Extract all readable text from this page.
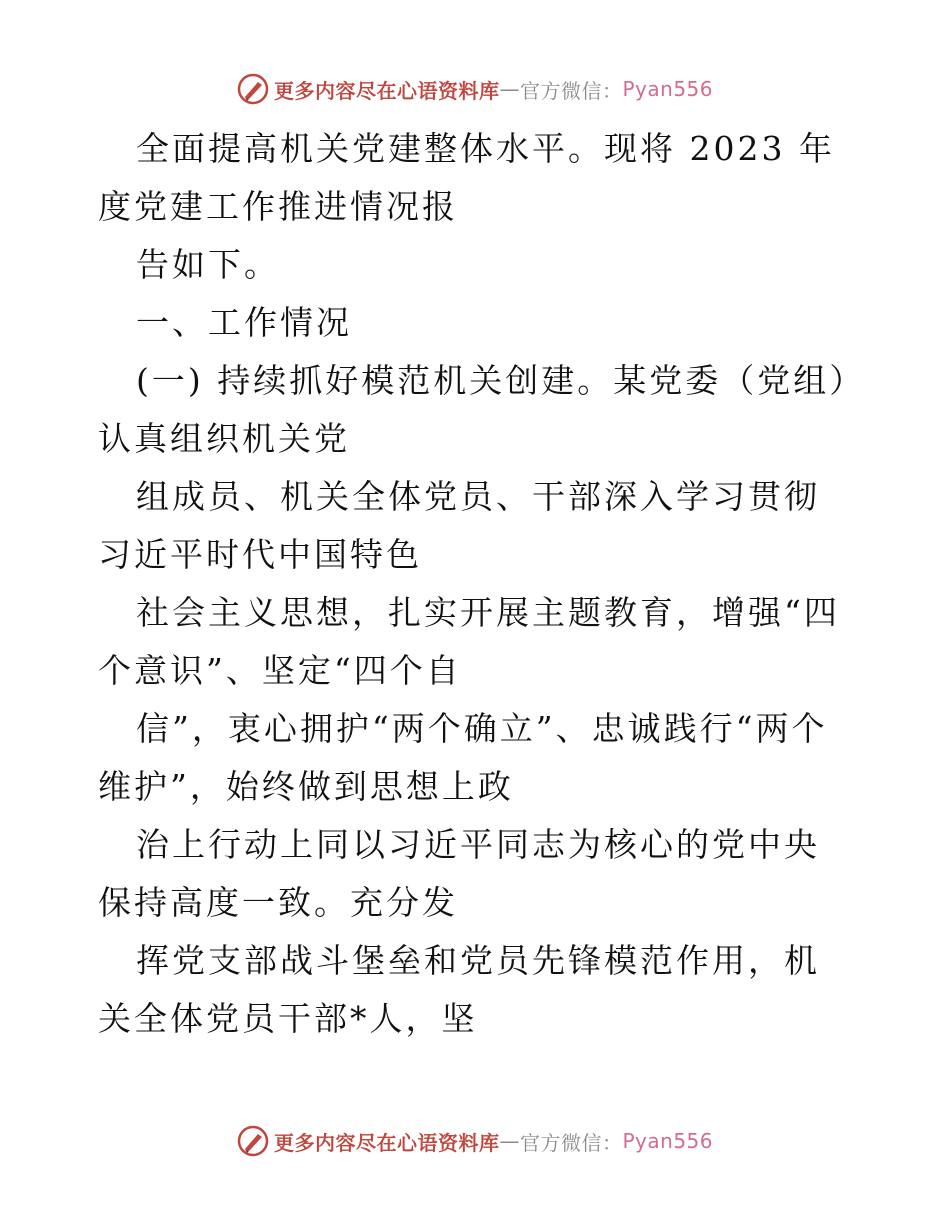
更多内容尽在心语资料库 — 官方微信： Pyan556

全面提高机关党建整体水平。现将 2023 年度党建工作推进情况报

告如下。

一、工作情况

(一) 持续抓好模范机关创建。某党委（党组）认真组织机关党

组成员、机关全体党员、干部深入学习贯彻习近平时代中国特色

社会主义思想，扎实开展主题教育，增强“四个意识”、坚定“四个自

信”，衷心拥护“两个确立”、忠诚践行“两个维护”，始终做到思想上政

治上行动上同以习近平同志为核心的党中央保持高度一致。充分发

挥党支部战斗堡垒和党员先锋模范作用，机关全体党员干部*人，坚

更多内容尽在心语资料库 — 官方微信： Pyan556
